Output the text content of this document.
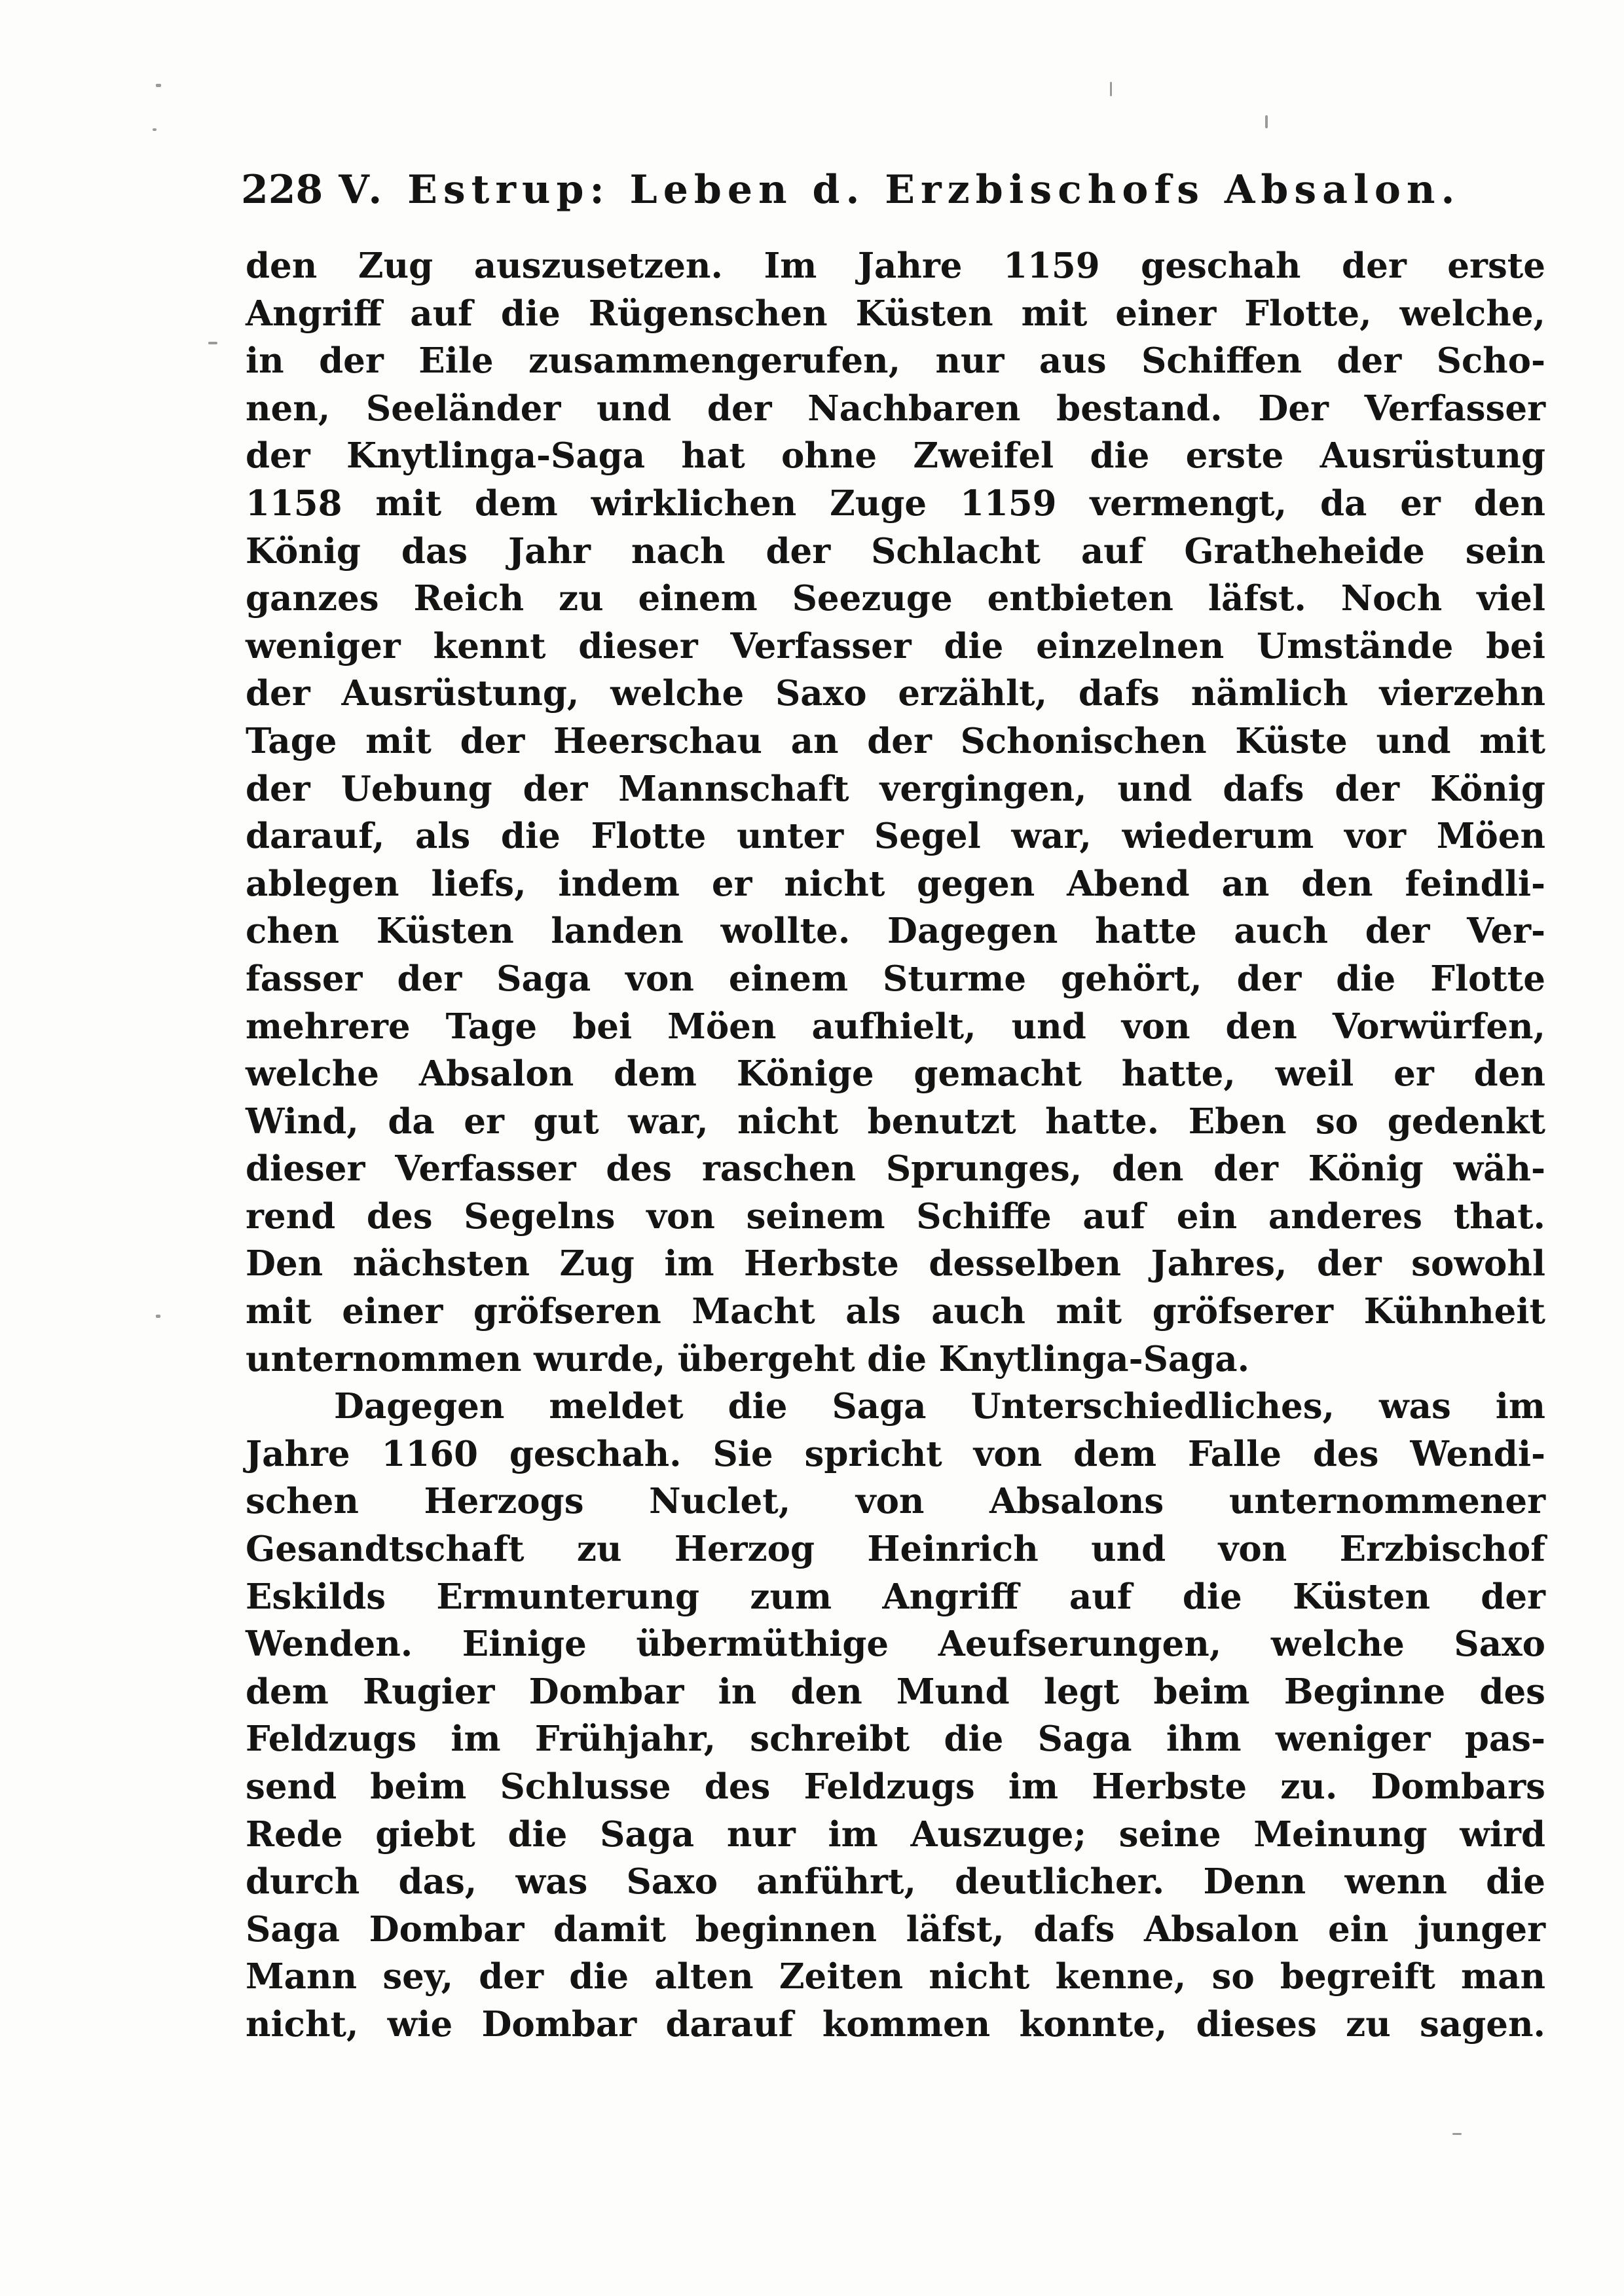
228 V. Estrup: Leben d. Erzbischofs Absalon.
den Zug auszusetzen. Im Jahre 1159 geschah der erste
Angriff auf die Rügenschen Küsten mit einer Flotte, welche,
in der Eile zusammengerufen, nur aus Schiffen der Scho-
nen, Seeländer und der Nachbaren bestand. Der Verfasser
der Knytlinga-Saga hat ohne Zweifel die erste Ausrüstung
1158 mit dem wirklichen Zuge 1159 vermengt, da er den
König das Jahr nach der Schlacht auf Gratheheide sein
ganzes Reich zu einem Seezuge entbieten läfst. Noch viel
weniger kennt dieser Verfasser die einzelnen Umstände bei
der Ausrüstung, welche Saxo erzählt, dafs nämlich vierzehn
Tage mit der Heerschau an der Schonischen Küste und mit
der Uebung der Mannschaft vergingen, und dafs der König
darauf, als die Flotte unter Segel war, wiederum vor Möen
ablegen liefs, indem er nicht gegen Abend an den feindli-
chen Küsten landen wollte. Dagegen hatte auch der Ver-
fasser der Saga von einem Sturme gehört, der die Flotte
mehrere Tage bei Möen aufhielt, und von den Vorwürfen,
welche Absalon dem Könige gemacht hatte, weil er den
Wind, da er gut war, nicht benutzt hatte. Eben so gedenkt
dieser Verfasser des raschen Sprunges, den der König wäh-
rend des Segelns von seinem Schiffe auf ein anderes that.
Den nächsten Zug im Herbste desselben Jahres, der sowohl
mit einer gröfseren Macht als auch mit gröfserer Kühnheit
unternommen wurde, übergeht die Knytlinga-Saga.
Dagegen meldet die Saga Unterschiedliches, was im
Jahre 1160 geschah. Sie spricht von dem Falle des Wendi-
schen Herzogs Nuclet, von Absalons unternommener
Gesandtschaft zu Herzog Heinrich und von Erzbischof
Eskilds Ermunterung zum Angriff auf die Küsten der
Wenden. Einige übermüthige Aeufserungen, welche Saxo
dem Rugier Dombar in den Mund legt beim Beginne des
Feldzugs im Frühjahr, schreibt die Saga ihm weniger pas-
send beim Schlusse des Feldzugs im Herbste zu. Dombars
Rede giebt die Saga nur im Auszuge; seine Meinung wird
durch das, was Saxo anführt, deutlicher. Denn wenn die
Saga Dombar damit beginnen läfst, dafs Absalon ein junger
Mann sey, der die alten Zeiten nicht kenne, so begreift man
nicht, wie Dombar darauf kommen konnte, dieses zu sagen.
